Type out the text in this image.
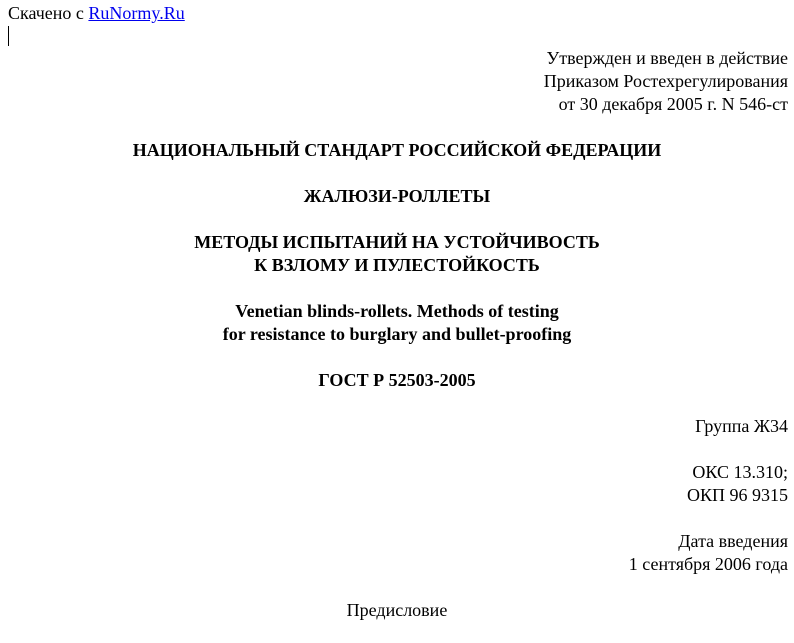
Скачено с RuNormy.Ru
Утвержден и введен в действие
Приказом Ростехрегулирования
от 30 декабря 2005 г. N 546-ст
НАЦИОНАЛЬНЫЙ СТАНДАРТ РОССИЙСКОЙ ФЕДЕРАЦИИ
ЖАЛЮЗИ-РОЛЛЕТЫ
МЕТОДЫ ИСПЫТАНИЙ НА УСТОЙЧИВОСТЬ
К ВЗЛОМУ И ПУЛЕСТОЙКОСТЬ
Venetian blinds-rollets. Methods of testing
for resistance to burglary and bullet-proofing
ГОСТ Р 52503-2005
Группа Ж34
ОКС 13.310;
ОКП 96 9315
Дата введения
1 сентября 2006 года
Предисловие
